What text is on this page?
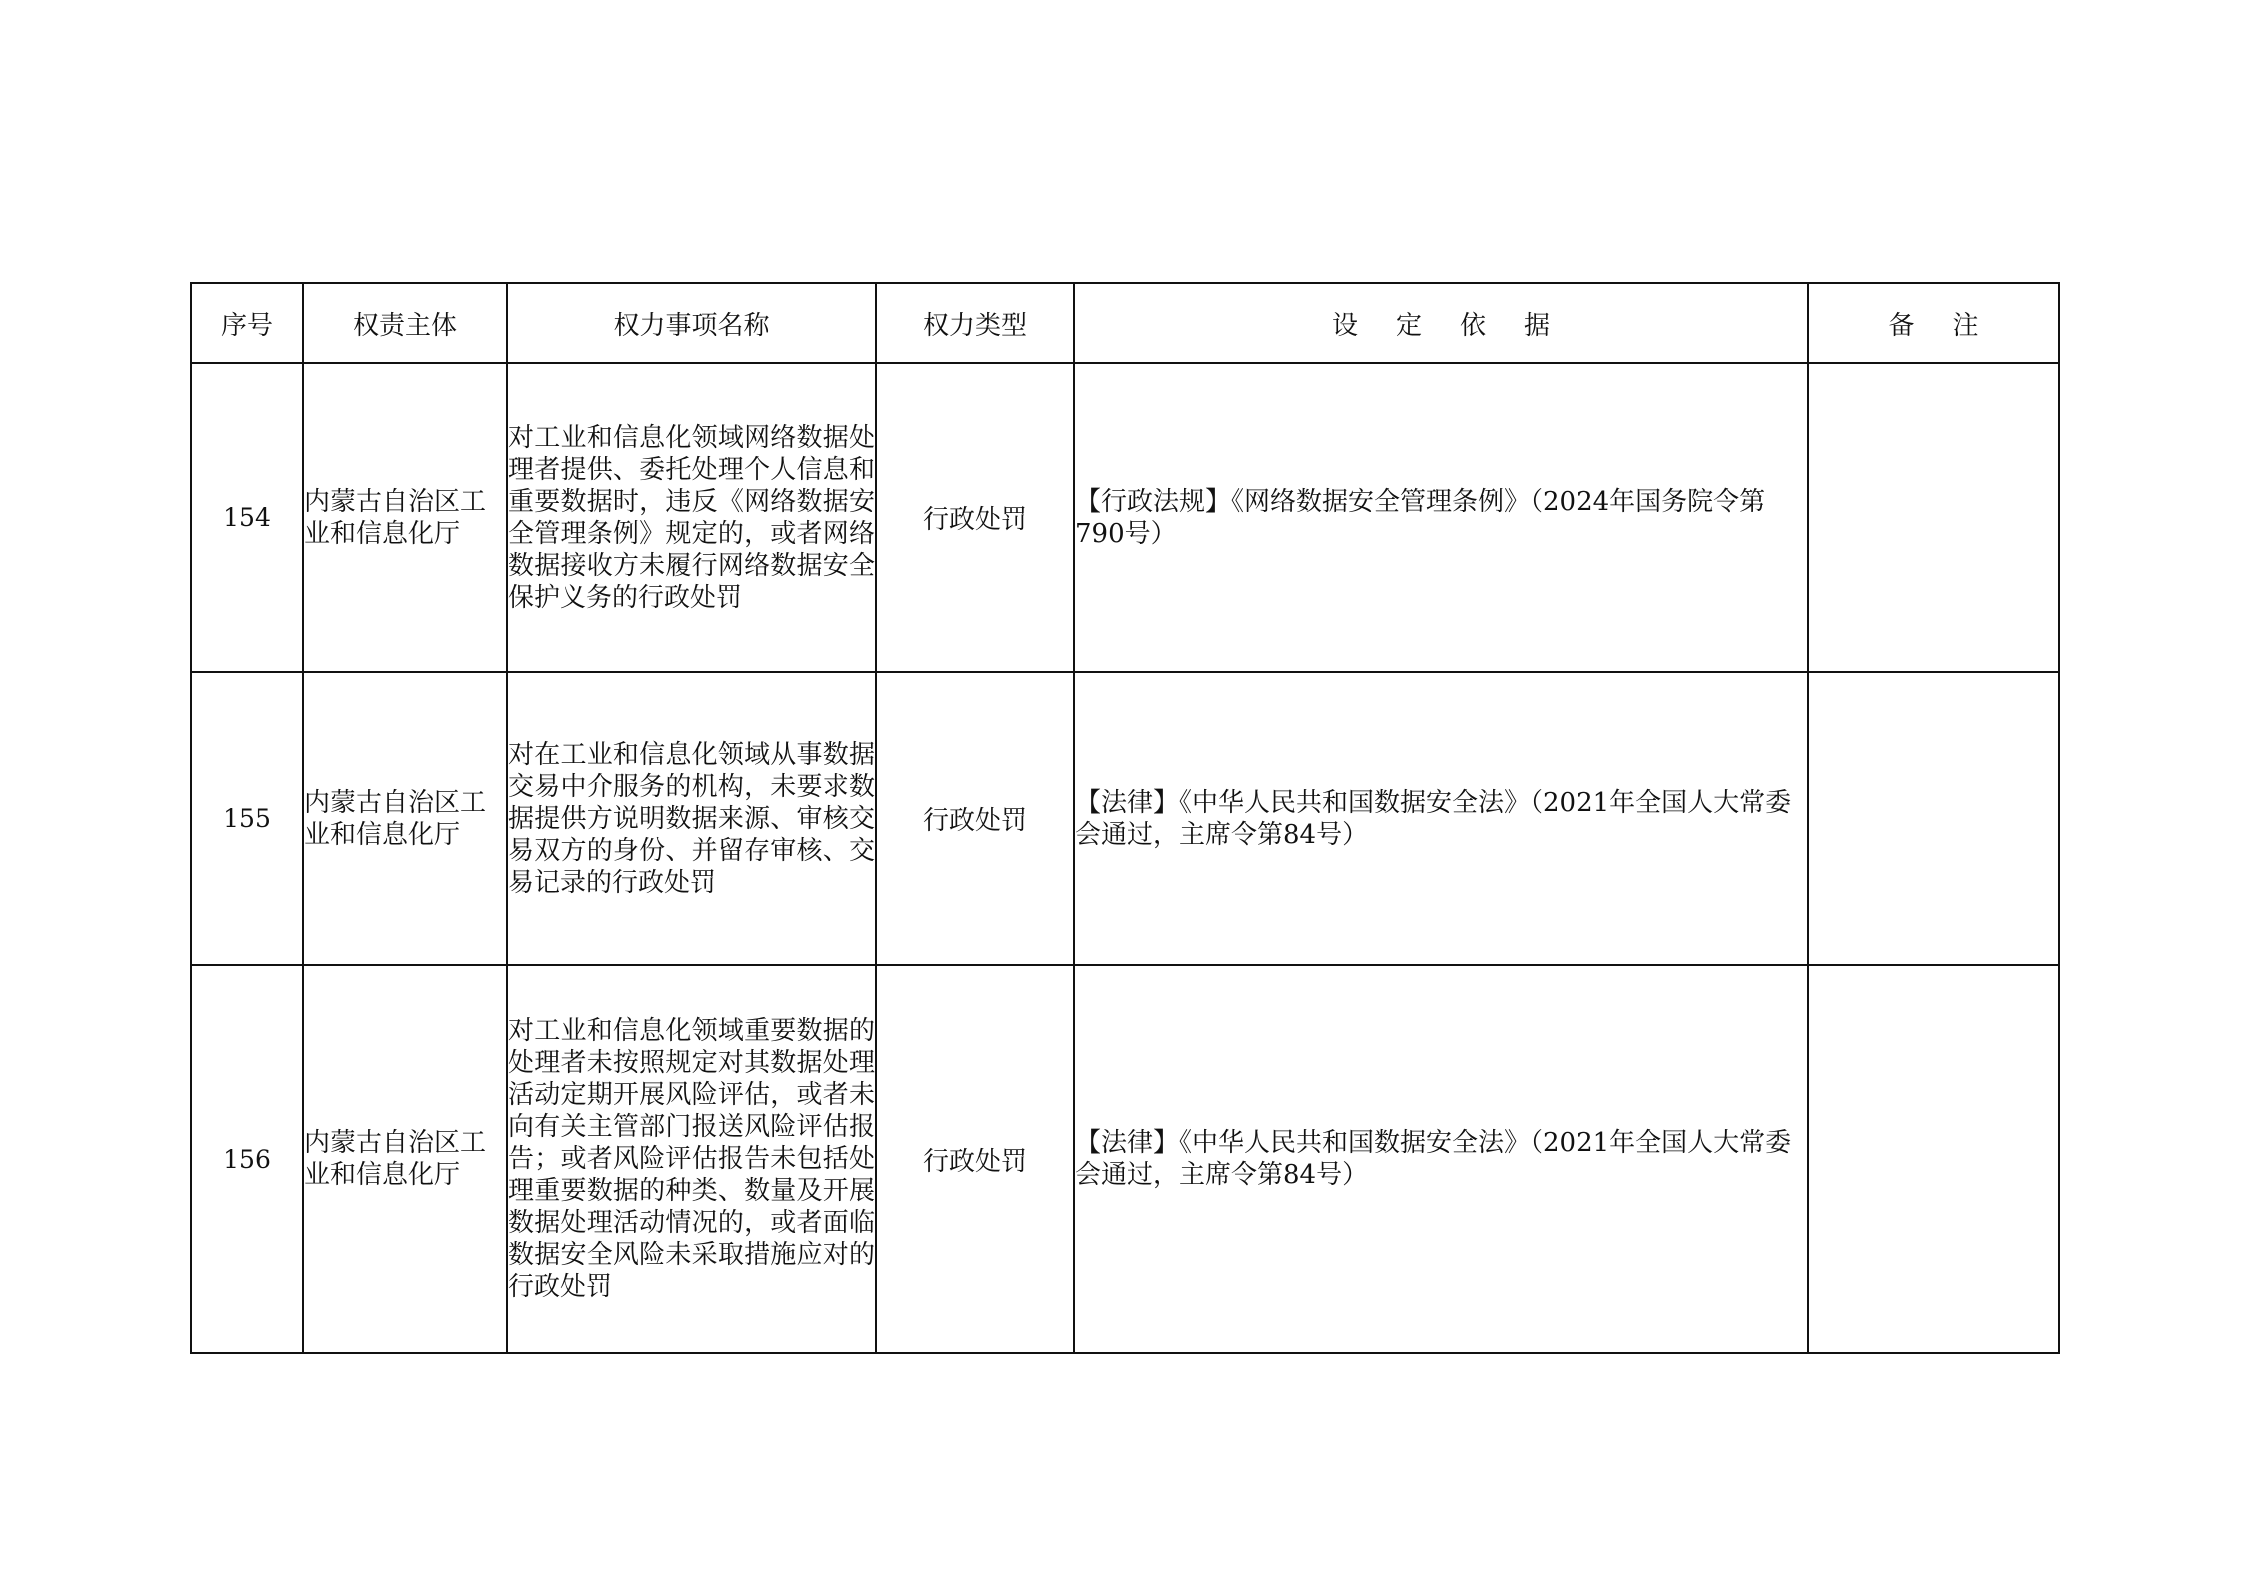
序号	权责主体	权力事项名称	权力类型	设定依据	备注
154	内蒙古自治区工业和信息化厅	对工业和信息化领域网络数据处理者提供、委托处理个人信息和重要数据时，违反《网络数据安全管理条例》规定的，或者网络数据接收方未履行网络数据安全保护义务的行政处罚	行政处罚	【行政法规】《网络数据安全管理条例》（2024年国务院令第790号）	
155	内蒙古自治区工业和信息化厅	对在工业和信息化领域从事数据交易中介服务的机构，未要求数据提供方说明数据来源、审核交易双方的身份、并留存审核、交易记录的行政处罚	行政处罚	【法律】《中华人民共和国数据安全法》（2021年全国人大常委会通过，主席令第84号）	
156	内蒙古自治区工业和信息化厅	对工业和信息化领域重要数据的处理者未按照规定对其数据处理活动定期开展风险评估，或者未向有关主管部门报送风险评估报告；或者风险评估报告未包括处理重要数据的种类、数量及开展数据处理活动情况的，或者面临数据安全风险未采取措施应对的行政处罚	行政处罚	【法律】《中华人民共和国数据安全法》（2021年全国人大常委会通过，主席令第84号）	
